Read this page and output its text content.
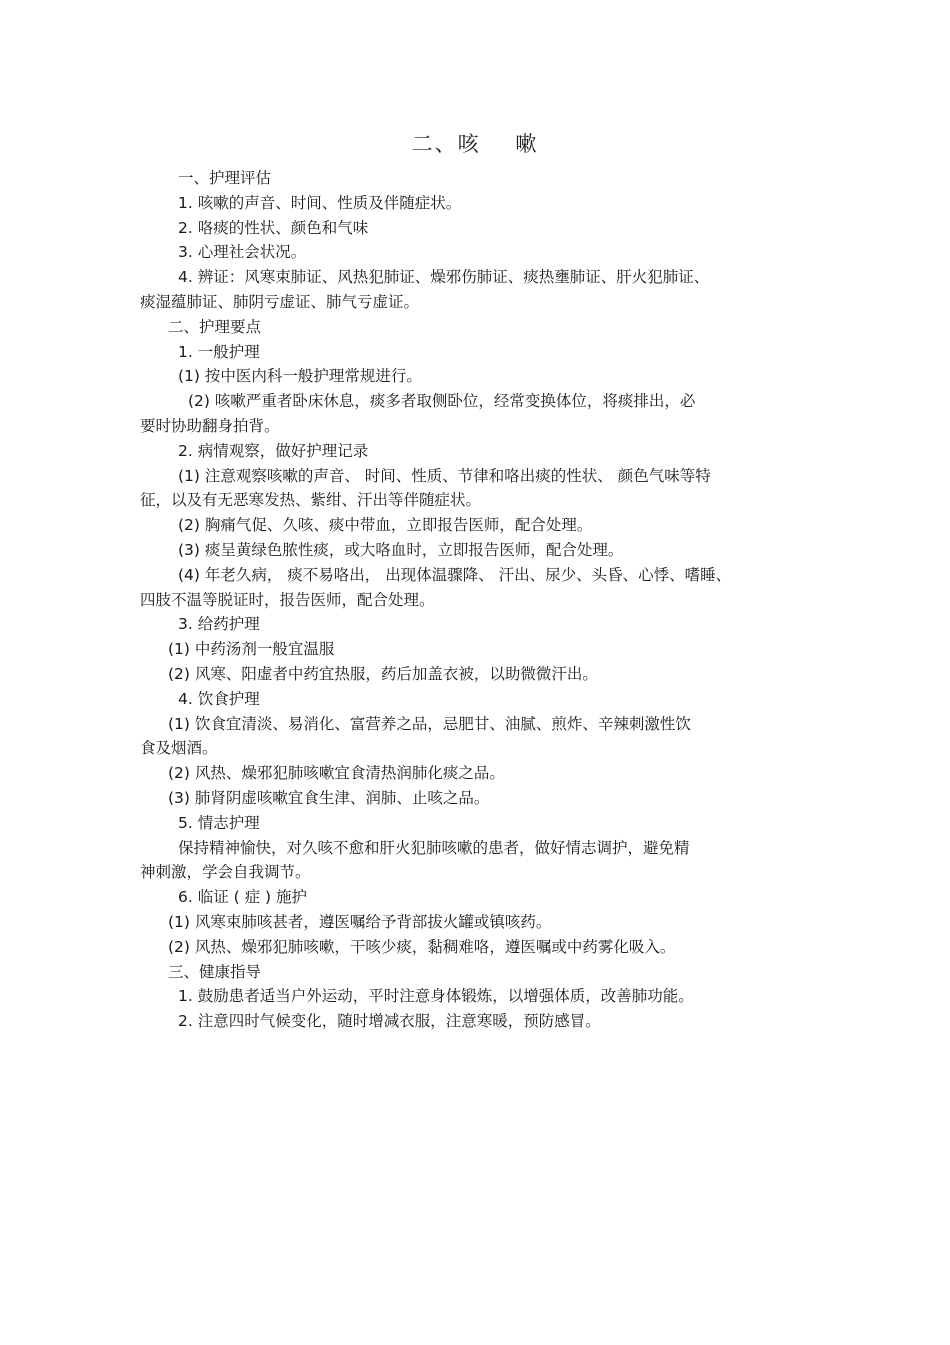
二、咳    嗽
一、护理评估
1. 咳嗽的声音、时间、性质及伴随症状。
2. 咯痰的性状、颜色和气味
3. 心理社会状况。
4. 辨证：风寒束肺证、风热犯肺证、燥邪伤肺证、痰热壅肺证、肝火犯肺证、
痰湿蕴肺证、肺阴亏虚证、肺气亏虚证。
二、护理要点
1. 一般护理
(1) 按中医内科一般护理常规进行。
(2) 咳嗽严重者卧床休息，痰多者取侧卧位，经常变换体位，将痰排出，必
要时协助翻身拍背。
2. 病情观察，做好护理记录
(1) 注意观察咳嗽的声音、 时间、性质、节律和咯出痰的性状、 颜色气味等特
征，以及有无恶寒发热、紫绀、汗出等伴随症状。
(2) 胸痛气促、久咳、痰中带血，立即报告医师，配合处理。
(3) 痰呈黄绿色脓性痰，或大咯血时，立即报告医师，配合处理。
(4) 年老久病， 痰不易咯出， 出现体温骤降、 汗出、尿少、头昏、心悸、嗜睡、
四肢不温等脱证时，报告医师，配合处理。
3. 给药护理
(1) 中药汤剂一般宜温服
(2) 风寒、阳虚者中药宜热服，药后加盖衣被，以助微微汗出。
4. 饮食护理
(1) 饮食宜清淡、易消化、富营养之品，忌肥甘、油腻、煎炸、辛辣刺激性饮
食及烟酒。
(2) 风热、燥邪犯肺咳嗽宜食清热润肺化痰之品。
(3) 肺肾阴虚咳嗽宜食生津、润肺、止咳之品。
5. 情志护理
保持精神愉快，对久咳不愈和肝火犯肺咳嗽的患者，做好情志调护，避免精
神刺激，学会自我调节。
6. 临证 ( 症 ) 施护
(1) 风寒束肺咳甚者，遵医嘱给予背部拔火罐或镇咳药。
(2) 风热、燥邪犯肺咳嗽，干咳少痰，黏稠难咯，遵医嘱或中药雾化吸入。
三、健康指导
1. 鼓励患者适当户外运动，平时注意身体锻炼，以增强体质，改善肺功能。
2. 注意四时气候变化，随时增减衣服，注意寒暖，预防感冒。
